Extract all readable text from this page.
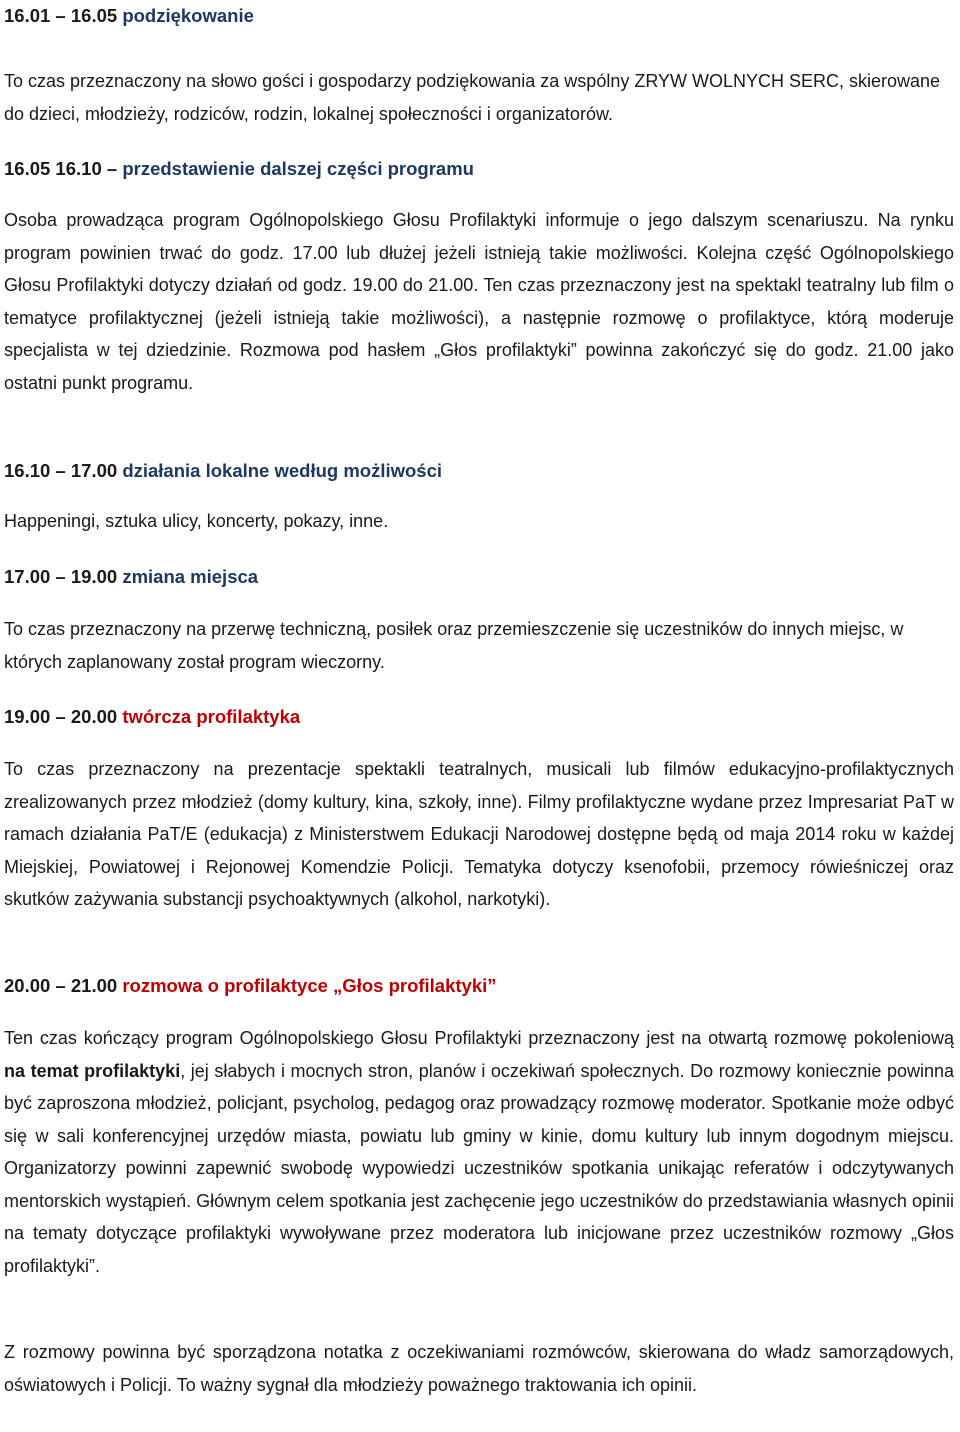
16.01 – 16.05 podziękowanie

To czas przeznaczony na słowo gości i gospodarzy podziękowania za wspólny ZRYW WOLNYCH SERC, skierowane do dzieci, młodzieży, rodziców, rodzin, lokalnej społeczności i organizatorów.

16.05 16.10 – przedstawienie dalszej części programu

Osoba prowadząca program Ogólnopolskiego Głosu Profilaktyki informuje o jego dalszym scenariuszu. Na rynku program powinien trwać do godz. 17.00 lub dłużej jeżeli istnieją takie możliwości. Kolejna część Ogólnopolskiego Głosu Profilaktyki dotyczy działań od godz. 19.00 do 21.00. Ten czas przeznaczony jest na spektakl teatralny lub film o tematyce profilaktycznej (jeżeli istnieją takie możliwości), a następnie rozmowę o profilaktyce, którą moderuje specjalista w tej dziedzinie. Rozmowa pod hasłem „Głos profilaktyki” powinna zakończyć się do godz. 21.00 jako ostatni punkt programu.

16.10 – 17.00 działania lokalne według możliwości

Happeningi, sztuka ulicy, koncerty, pokazy, inne.

17.00 – 19.00 zmiana miejsca

To czas przeznaczony na przerwę techniczną, posiłek oraz przemieszczenie się uczestników do innych miejsc, w których zaplanowany został program wieczorny.

19.00 – 20.00 twórcza profilaktyka

To czas przeznaczony na prezentacje spektakli teatralnych, musicali lub filmów edukacyjno-profilaktycznych zrealizowanych przez młodzież (domy kultury, kina, szkoły, inne). Filmy profilaktyczne wydane przez Impresariat PaT w ramach działania PaT/E (edukacja) z Ministerstwem Edukacji Narodowej dostępne będą od maja 2014 roku w każdej Miejskiej, Powiatowej i Rejonowej Komendzie Policji. Tematyka dotyczy ksenofobii, przemocy rówieśniczej oraz skutków zażywania substancji psychoaktywnych (alkohol, narkotyki).

20.00 – 21.00 rozmowa o profilaktyce „Głos profilaktyki”

Ten czas kończący program Ogólnopolskiego Głosu Profilaktyki przeznaczony jest na otwartą rozmowę pokoleniową na temat profilaktyki, jej słabych i mocnych stron, planów i oczekiwań społecznych. Do rozmowy koniecznie powinna być zaproszona młodzież, policjant, psycholog, pedagog oraz prowadzący rozmowę moderator. Spotkanie może odbyć się w sali konferencyjnej urzędów miasta, powiatu lub gminy w kinie, domu kultury lub innym dogodnym miejscu. Organizatorzy powinni zapewnić swobodę wypowiedzi uczestników spotkania unikając referatów i odczytywanych mentorskich wystąpień. Głównym celem spotkania jest zachęcenie jego uczestników do przedstawiania własnych opinii na tematy dotyczące profilaktyki wywoływane przez moderatora lub inicjowane przez uczestników rozmowy „Głos profilaktyki”.

Z rozmowy powinna być sporządzona notatka z oczekiwaniami rozmówców, skierowana do władz samorządowych, oświatowych i Policji. To ważny sygnał dla młodzieży poważnego traktowania ich opinii.
